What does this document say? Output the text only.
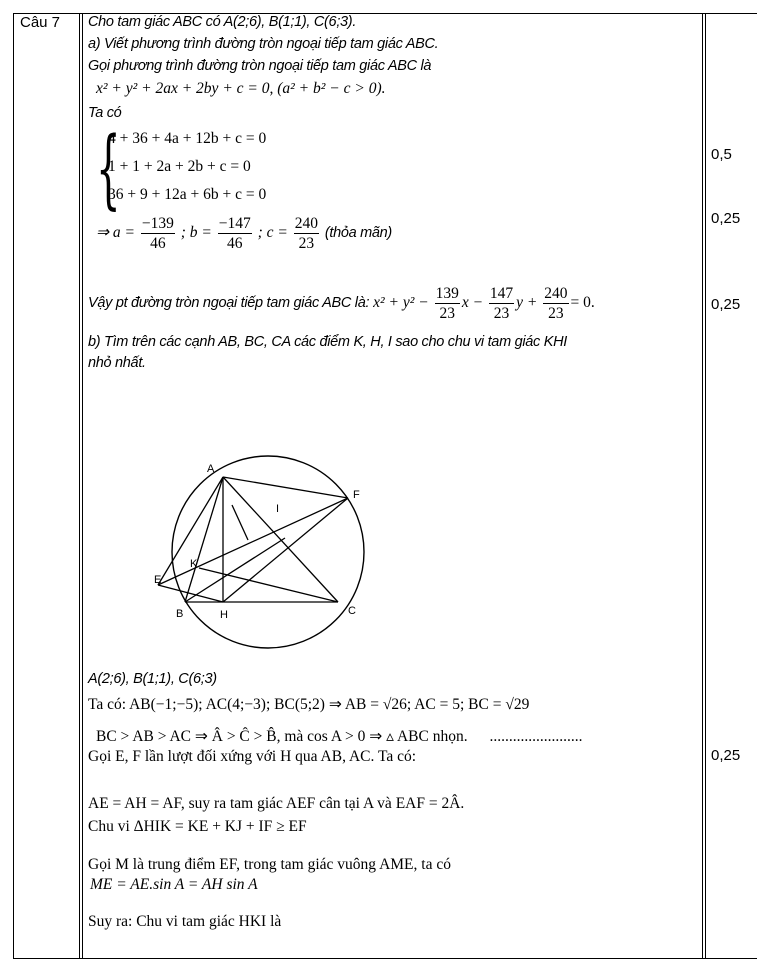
Câu 7 Cho tam giác ABC có A(2;6), B(1;1), C(6;3).
a) Viết phương trình đường tròn ngoại tiếp tam giác ABC.
Gọi phương trình đường tròn ngoại tiếp tam giác ABC là
x² + y² + 2ax + 2by + c = 0, (a² + b² − c > 0).
Ta có
{
4 + 36 + 4a + 12b + c = 0
1 + 1 + 2a + 2b + c = 0
36 + 9 + 12a + 6b + c = 0
⇒ $a = \frac{-139}{46}$ ; $b = \frac{-147}{46}$ ; $c = \frac{240}{23}$ (thỏa mãn)
Vậy pt đường tròn ngoại tiếp tam giác ABC là: $x^2 + y^2 - \frac{139}{23}$ $x - \frac{147}{23}$ $y + \frac{240}{23} = 0$.
b) Tìm trên các cạnh AB, BC, CA các điểm K, H, I sao cho chu vi tam giác KHI
nhỏ nhất.
A
I
F
K
E
B	H	C
A(2;6), B(1;1), C(6;3)
Ta có: AB(−1;−5); AC(4;−3); BC(5;2) ⇒ AB = √26; AC = 5; BC = √29
BC > AB > AC ⇒ Â > Ĉ > B̂, mà cos A > 0 ⇒ ▵ ABC nhọn. ........................
Gọi E, F lần lượt đối xứng với H qua AB, AC. Ta có:
AE = AH = AF, suy ra tam giác AEF cân tại A và EAF = 2Â.
Chu vi ΔHIK = KE + KJ + IF ≥ EF
Gọi M là trung điểm EF, trong tam giác vuông AME, ta có
ME = AE.sin A = AH sin A
Suy ra: Chu vi tam giác HKI là
0,5
0,25
0,25
0,25
